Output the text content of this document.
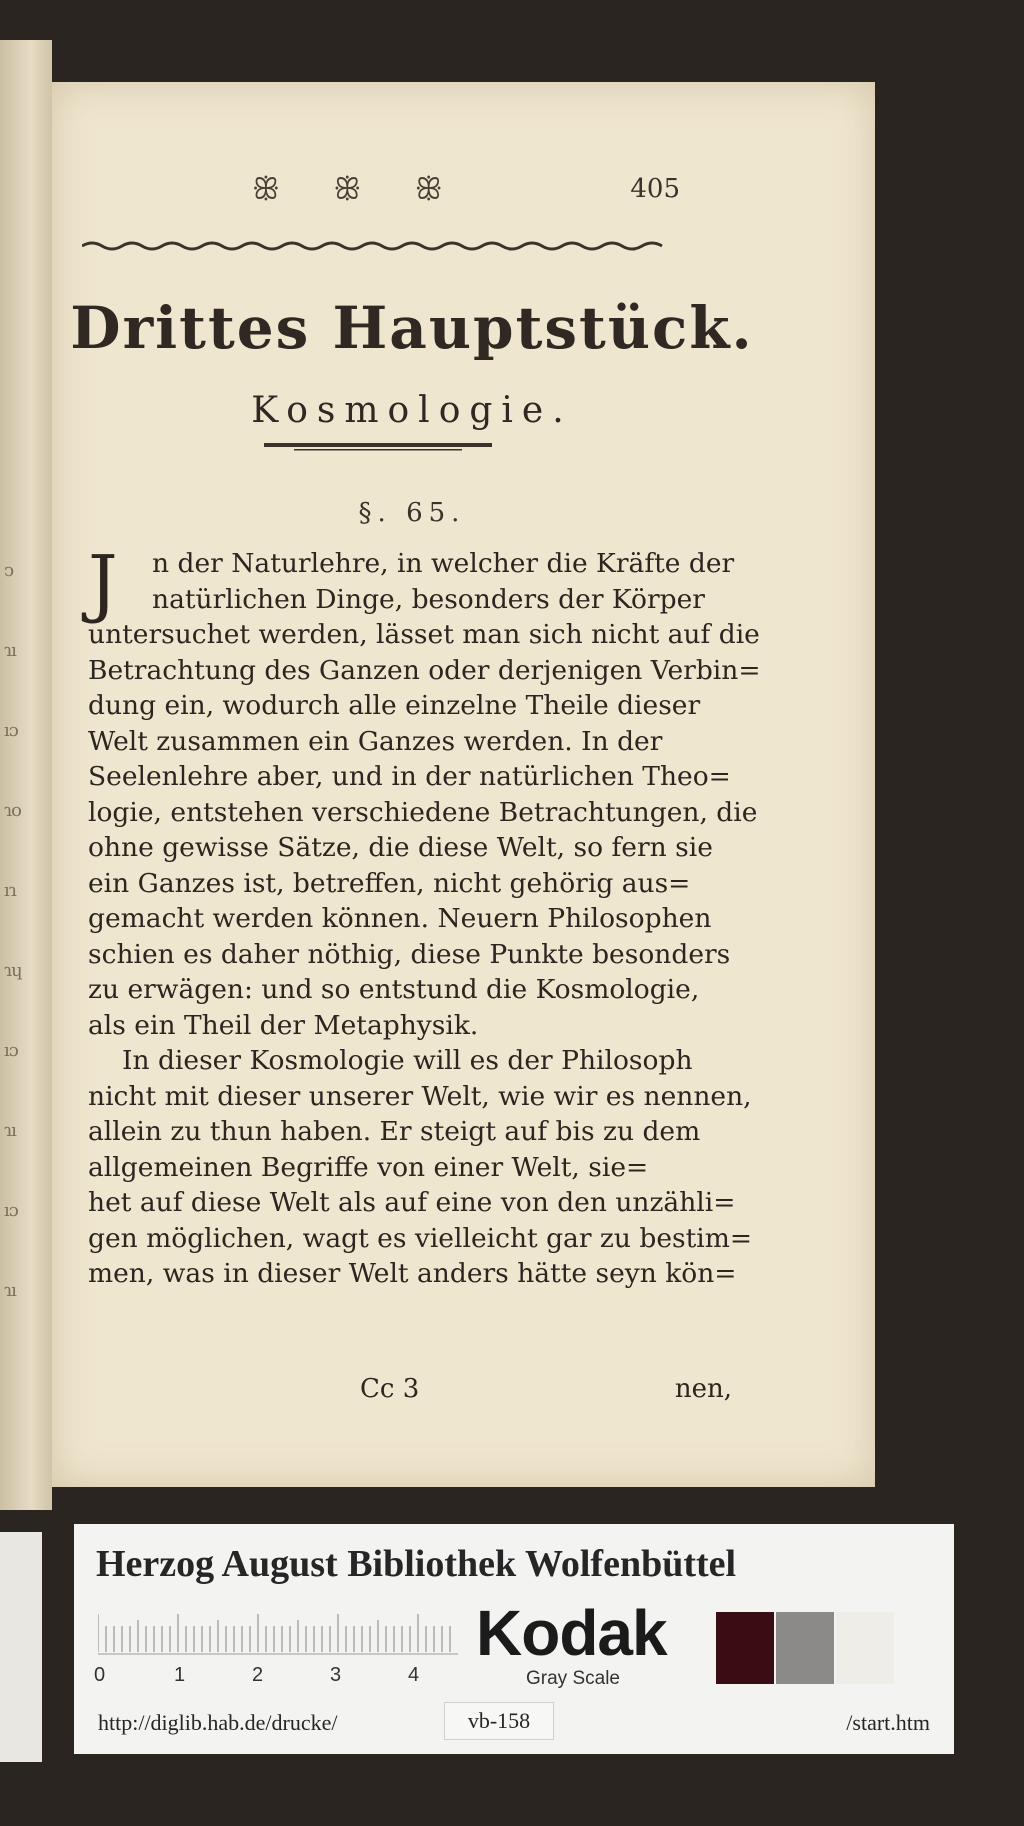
ↄ
ɿı
ıɔ
ɿo
ıɿ
ɿɥ
ıɔ
ɿı
ıɔ
ɿı
ꕥ ꕥ ꕥ	405
Drittes Hauptstück.
Kosmologie.
§. 65.
J	n der Naturlehre, in welcher die Kräfte der
natürlichen Dinge, besonders der Körper
untersuchet werden, lässet man sich nicht auf die
Betrachtung des Ganzen oder derjenigen Verbin=
dung ein, wodurch alle einzelne Theile dieser
Welt zusammen ein Ganzes werden. In der
Seelenlehre aber, und in der natürlichen Theo=
logie, entstehen verschiedene Betrachtungen, die
ohne gewisse Sätze, die diese Welt, so fern sie
ein Ganzes ist, betreffen, nicht gehörig aus=
gemacht werden können. Neuern Philosophen
schien es daher nöthig, diese Punkte besonders
zu erwägen: und so entstund die Kosmologie,
als ein Theil der Metaphysik.
In dieser Kosmologie will es der Philosoph
nicht mit dieser unserer Welt, wie wir es nennen,
allein zu thun haben. Er steigt auf bis zu dem
allgemeinen Begriffe von einer Welt, sie=
het auf diese Welt als auf eine von den unzähli=
gen möglichen, wagt es vielleicht gar zu bestim=
men, was in dieser Welt anders hätte seyn kön=
Cc 3	nen,
Herzog August Bibliothek Wolfenbüttel
0	1	2	3	4
Kodak
Gray Scale
http://diglib.hab.de/drucke/	vb-158	/start.htm
